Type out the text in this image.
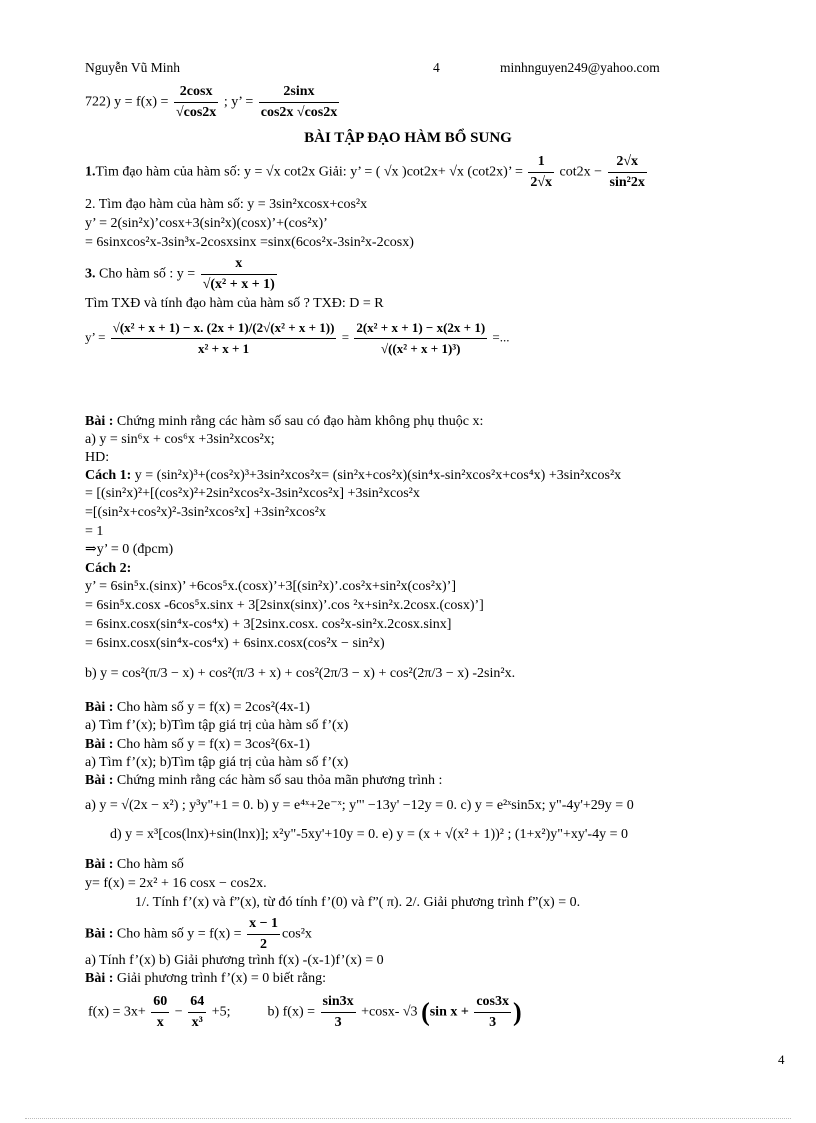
Nguyễn Vũ Minh	4	minhnguyen249@yahoo.com
722) $y = f(x) = \frac{2\cos x}{√\cos 2x}$ ; y’ = $\frac{2\sin x}{\cos 2x √\cos 2x}$
BÀI TẬP ĐẠO HÀM BỔ SUNG
1.Tìm đạo hàm của hàm số: y = √x cot2x Giải: y’ = ( √x )cot2x+ √x (cot2x)’ = $\frac{1}{2√x} \cot 2x - \frac{2√x}{\text{sin²2x}}$
2. Tìm đạo hàm của hàm số: y = 3sin²xcosx+cos²x
y’ = 2(sin²x)’cosx+3(sin²x)(cosx)’+(cos²x)’
= 6sinxcos²x-3sin³x-2cosxsinx =sinx(6cos²x-3sin²x-2cosx)
3. Cho hàm số : $y = \frac{x}{\text{√(x² + x + 1)}}$
Tìm TXĐ và tính đạo hàm của hàm số ? TXĐ: D = R
y’ = $\frac{\text{√(x² + x + 1) − x. (2x + 1)/(2√(x² + x + 1))}}{\text{x² + x + 1}} = \frac{\text{2(x² + x + 1) − x(2x + 1)}}{\text{√((x² + x + 1)³)}}$ =...
Bài : Chứng minh rằng các hàm số sau có đạo hàm không phụ thuộc x:
a) y = sin⁶x + cos⁶x +3sin²xcos²x;
HD:
Cách 1: y = (sin²x)³+(cos²x)³+3sin²xcos²x= (sin²x+cos²x)(sin⁴x-sin²xcos²x+cos⁴x) +3sin²xcos²x
= [(sin²x)²+[(cos²x)²+2sin²xcos²x-3sin²xcos²x] +3sin²xcos²x
=[(sin²x+cos²x)²-3sin²xcos²x] +3sin²xcos²x
= 1
⇒y’ = 0 (đpcm)
Cách 2:
y’ = 6sin⁵x.(sinx)’ +6cos⁵x.(cosx)’+3[(sin²x)’.cos²x+sin²x(cos²x)’]
= 6sin⁵x.cosx -6cos⁵x.sinx + 3[2sinx(sinx)’.cos ²x+sin²x.2cosx.(cosx)’]
= 6sinx.cosx(sin⁴x-cos⁴x) + 3[2sinx.cosx. cos²x-sin²x.2cosx.sinx]
= 6sinx.cosx(sin⁴x-cos⁴x) + 6sinx.cosx(cos²x − sin²x)
b) y = cos²(π/3 − x) + cos²(π/3 + x) + cos²(2π/3 − x) + cos²(2π/3 − x) -2sin²x.
Bài : Cho hàm số y = f(x) = 2cos²(4x-1)
a) Tìm f’(x); b)Tìm tập giá trị của hàm số f’(x)
Bài : Cho hàm số y = f(x) = 3cos²(6x-1)
a) Tìm f’(x); b)Tìm tập giá trị của hàm số f’(x)
Bài : Chứng minh rằng các hàm số sau thỏa mãn phương trình :
a) y = √(2x − x²) ; y³y"+1 = 0. b) y = e⁴ˣ+2e⁻ˣ; y"' −13y' −12y = 0. c) y = e²ˣsin5x; y"-4y'+29y = 0
d) y = x³[cos(lnx)+sin(lnx)]; x²y"-5xy'+10y = 0. e) y = (x + √(x² + 1))² ; (1+x²)y"+xy'-4y = 0
Bài : Cho hàm số
y= f(x) = 2x² + 16 cosx − cos2x.
1/. Tính f’(x) và f”(x), từ đó tính f’(0) và f”( π). 2/. Giải phương trình f”(x) = 0.
Bài : Cho hàm số $y = f(x) = \frac{x - 1}{2} \cos^2x$
a) Tính f’(x) b) Giải phương trình f(x) -(x-1)f’(x) = 0
Bài : Giải phương trình f’(x) = 0 biết rằng:
$f(x) = 3x+ \frac{60}{x} - \frac{64}{\text{x³}} +5$;	b) $f(x) = \frac{\sin 3x}{3} +\cos x-$ √3 (sin $x + \frac{\cos 3x}{3}$ )
4
